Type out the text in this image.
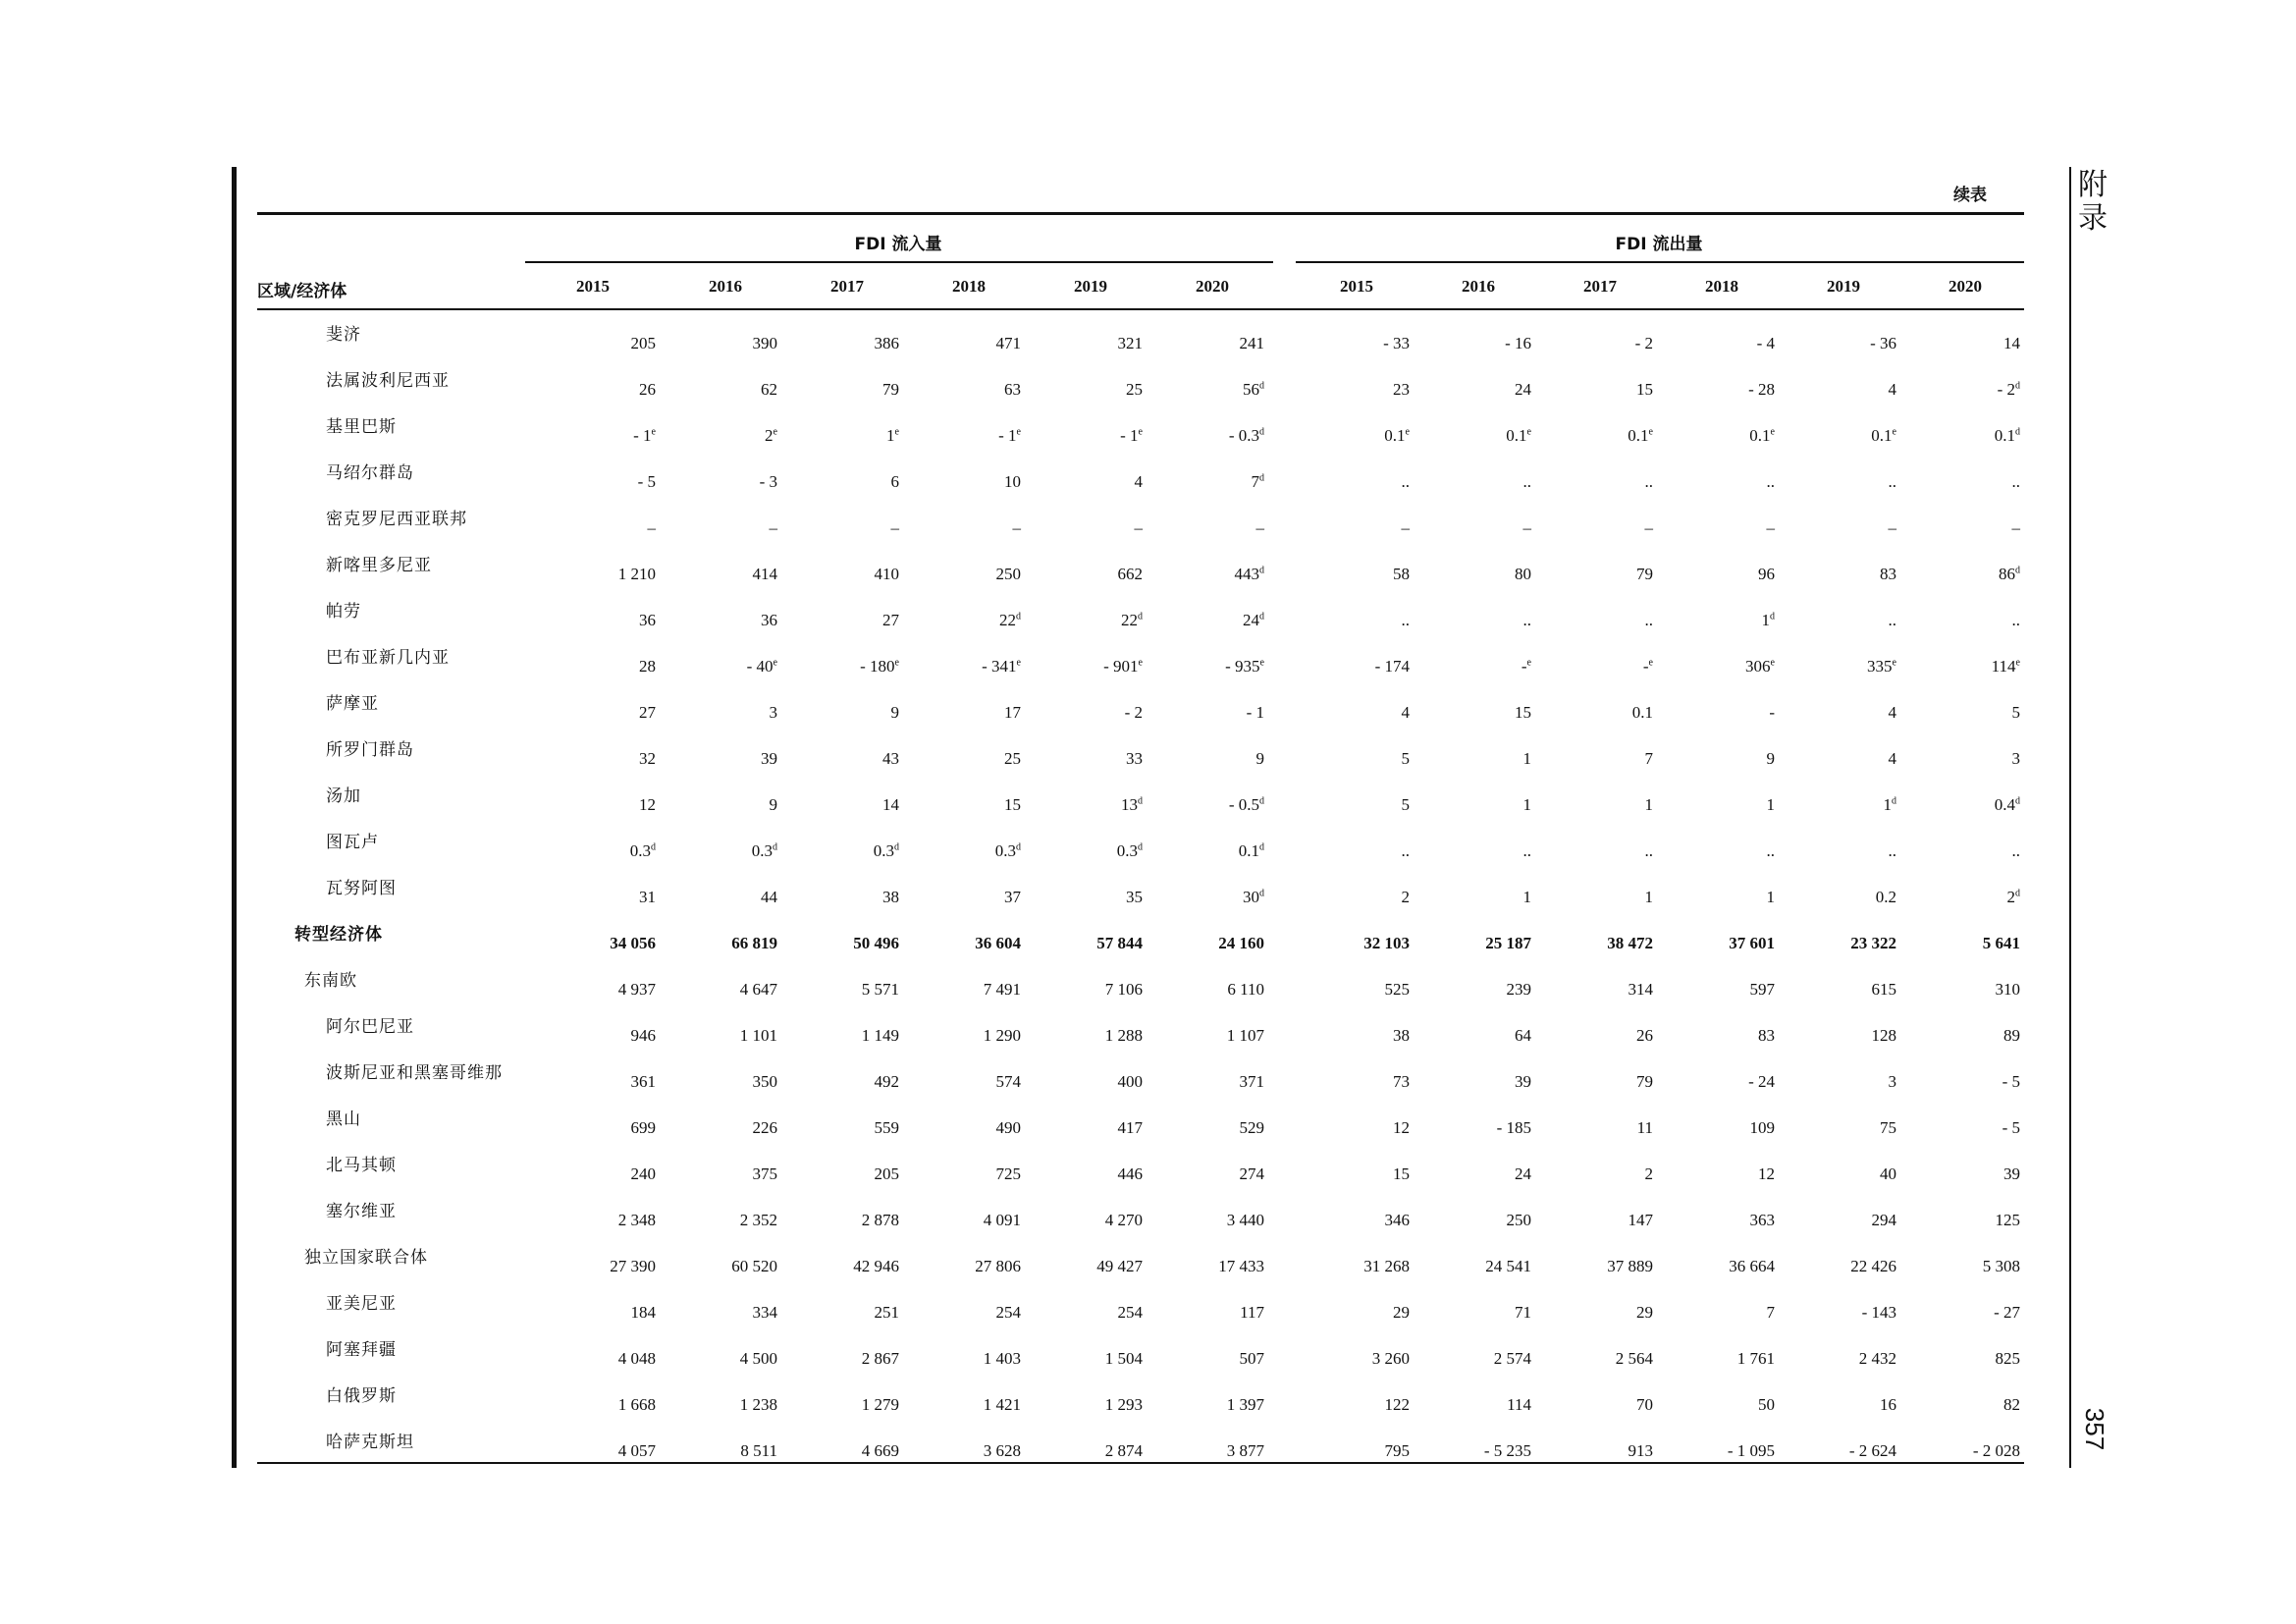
附录
357
续表
FDI 流入量	FDI 流出量
区域/经济体	2015	2016	2017	2018	2019	2020	2015	2016	2017	2018	2019	2020
斐济	205	390	386	471	321	241	- 33	- 16	- 2	- 4	- 36	14
法属波利尼西亚	26	62	79	63	25	56$^d$	23	24	15	- 28	4	- 2$^d$
基里巴斯	- 1e	2e	1e	- 1e	- 1e	- 0.3$^d$	0.1e	0.1e	0.1e	0.1e	0.1e	0.1$^d$
马绍尔群岛	- 5	- 3	6	10	4	7$^d$	..	..	..	..	..	..
密克罗尼西亚联邦	–	–	–	–	–	–	–	–	–	–	–	–
新喀里多尼亚	1 210	414	410	250	662	443$^d$	58	80	79	96	83	86$^d$
帕劳	36	36	27	22$^d$	22$^d$	24$^d$	..	..	..	1$^d$	..	..
巴布亚新几内亚	28	- 40e	- 180e	- 341e	- 901e	- 935e	- 174	-$^e$	-$^e$	306e	335e	114e
萨摩亚	27	3	9	17	- 2	- 1	4	15	0.1	-	4	5
所罗门群岛	32	39	43	25	33	9	5	1	7	9	4	3
汤加	12	9	14	15	13$^d$	- 0.5$^d$	5	1	1	1	1$^d$	0.4$^d$
图瓦卢	0.3$^d$	0.3$^d$	0.3$^d$	0.3$^d$	0.3$^d$	0.1$^d$	..	..	..	..	..	..
瓦努阿图	31	44	38	37	35	30$^d$	2	1	1	1	0.2	2$^d$
转型经济体	34 056	66 819	50 496	36 604	57 844	24 160	32 103	25 187	38 472	37 601	23 322	5 641
东南欧	4 937	4 647	5 571	7 491	7 106	6 110	525	239	314	597	615	310
阿尔巴尼亚	946	1 101	1 149	1 290	1 288	1 107	38	64	26	83	128	89
波斯尼亚和黑塞哥维那	361	350	492	574	400	371	73	39	79	- 24	3	- 5
黑山	699	226	559	490	417	529	12	- 185	11	109	75	- 5
北马其顿	240	375	205	725	446	274	15	24	2	12	40	39
塞尔维亚	2 348	2 352	2 878	4 091	4 270	3 440	346	250	147	363	294	125
独立国家联合体	27 390	60 520	42 946	27 806	49 427	17 433	31 268	24 541	37 889	36 664	22 426	5 308
亚美尼亚	184	334	251	254	254	117	29	71	29	7	- 143	- 27
阿塞拜疆	4 048	4 500	2 867	1 403	1 504	507	3 260	2 574	2 564	1 761	2 432	825
白俄罗斯	1 668	1 238	1 279	1 421	1 293	1 397	122	114	70	50	16	82
哈萨克斯坦	4 057	8 511	4 669	3 628	2 874	3 877	795	- 5 235	913	- 1 095	- 2 624	- 2 028
